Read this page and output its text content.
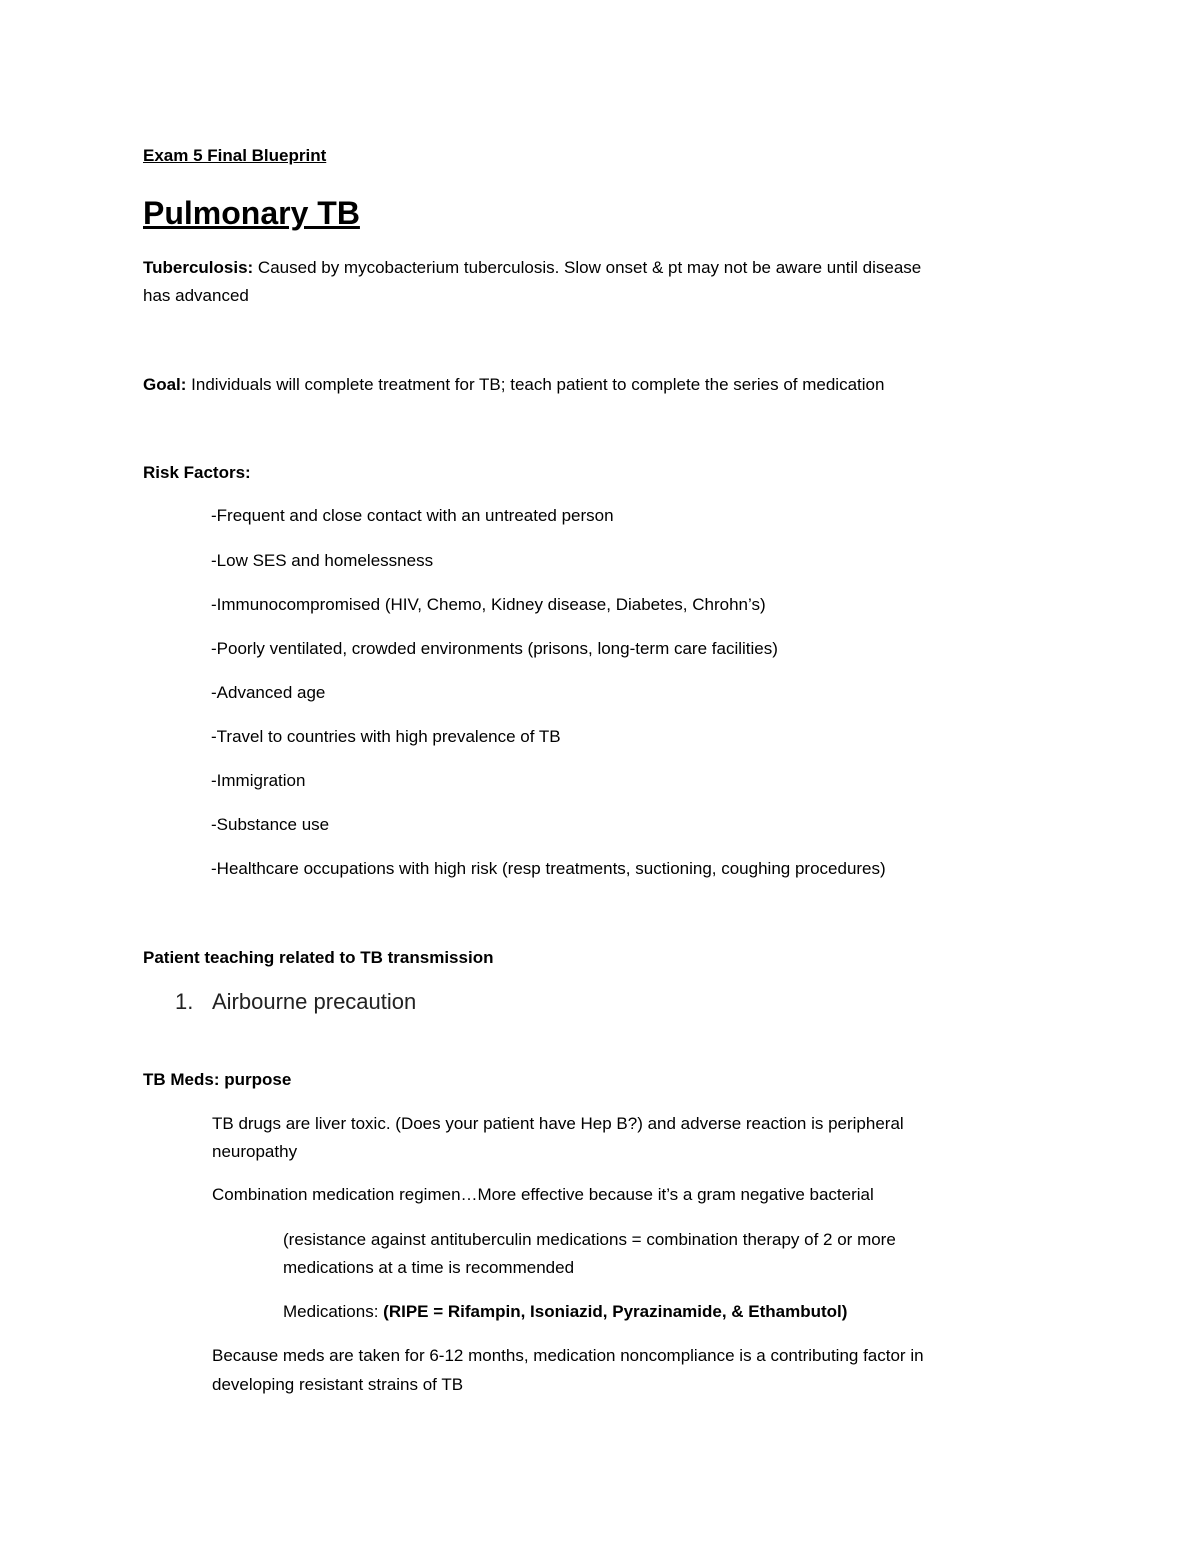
Exam 5 Final Blueprint
Pulmonary TB
Tuberculosis: Caused by mycobacterium tuberculosis. Slow onset & pt may not be aware until disease
has advanced
Goal: Individuals will complete treatment for TB; teach patient to complete the series of medication
Risk Factors:
-Frequent and close contact with an untreated person
-Low SES and homelessness
-Immunocompromised (HIV, Chemo, Kidney disease, Diabetes, Chrohn’s)
-Poorly ventilated, crowded environments (prisons, long-term care facilities)
-Advanced age
-Travel to countries with high prevalence of TB
-Immigration
-Substance use
-Healthcare occupations with high risk (resp treatments, suctioning, coughing procedures)
Patient teaching related to TB transmission
1. Airbourne precaution
TB Meds: purpose
TB drugs are liver toxic. (Does your patient have Hep B?) and adverse reaction is peripheral
neuropathy
Combination medication regimen…More effective because it’s a gram negative bacterial
(resistance against antituberculin medications = combination therapy of 2 or more
medications at a time is recommended
Medications: (RIPE = Rifampin, Isoniazid, Pyrazinamide, & Ethambutol)
Because meds are taken for 6-12 months, medication noncompliance is a contributing factor in
developing resistant strains of TB
